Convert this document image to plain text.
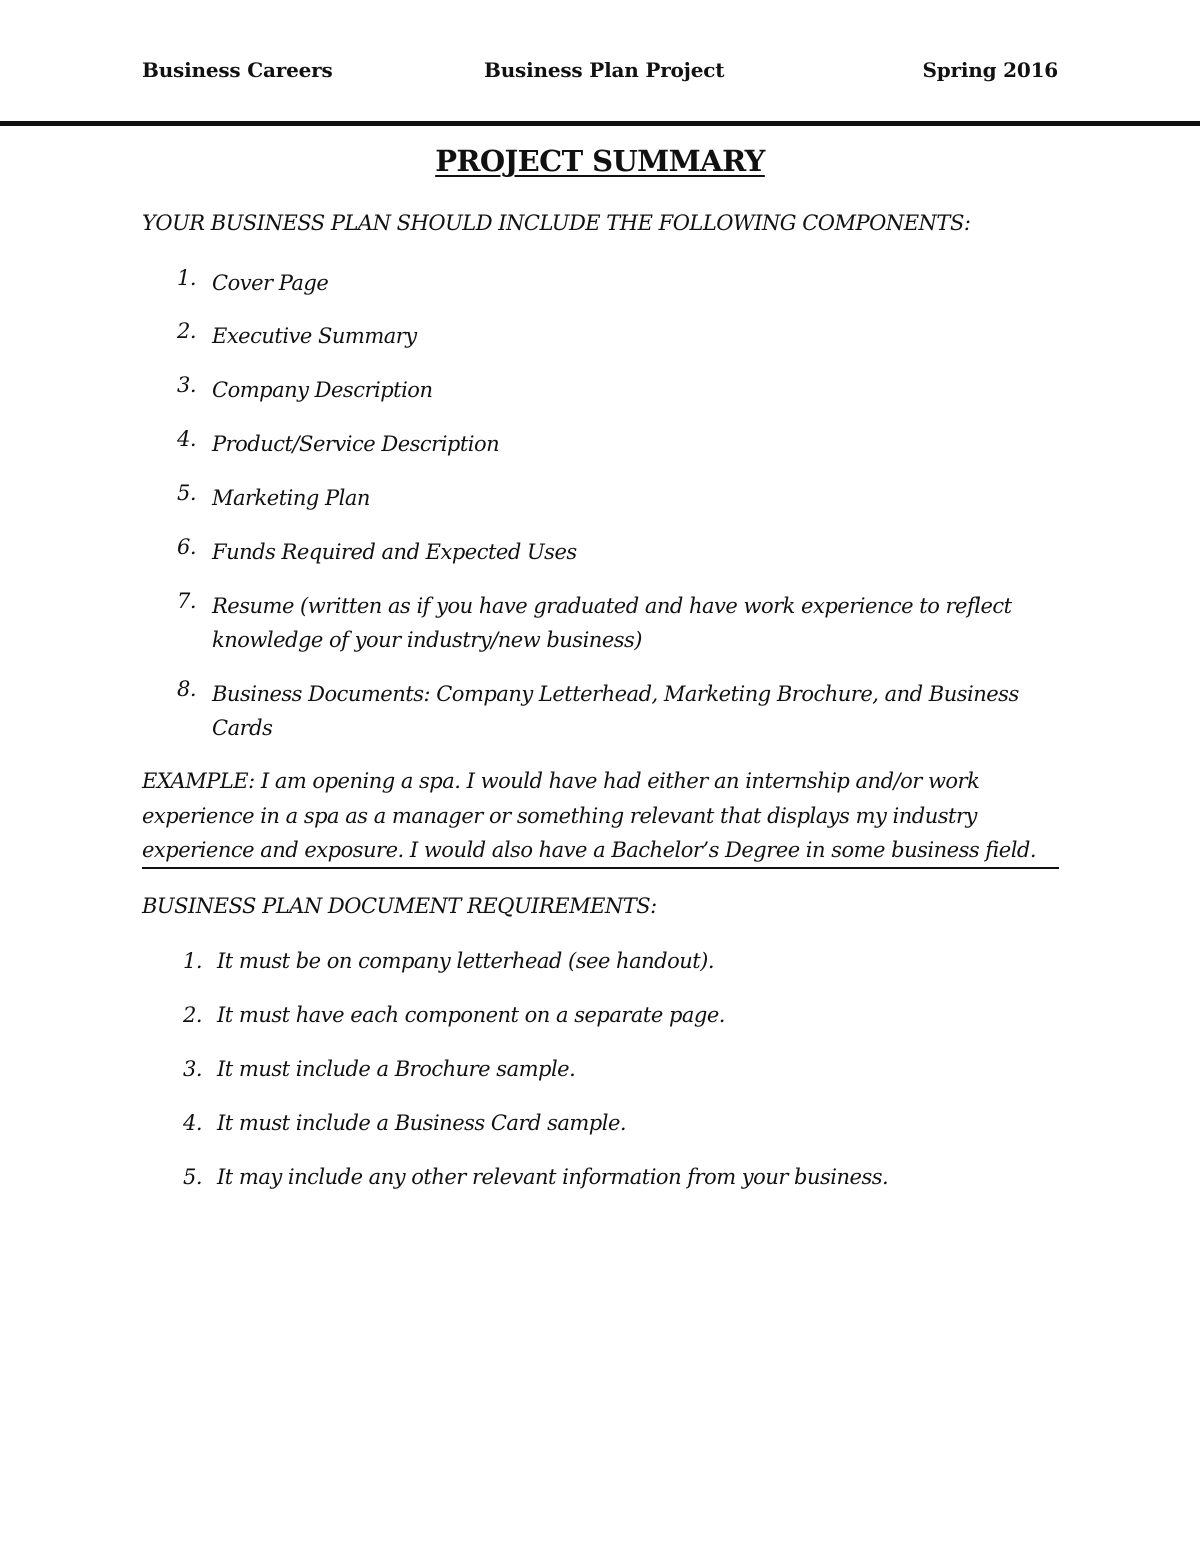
Business Careers	Business Plan Project	Spring 2016
PROJECT SUMMARY
YOUR BUSINESS PLAN SHOULD INCLUDE THE FOLLOWING COMPONENTS:
1. Cover Page
2. Executive Summary
3. Company Description
4. Product/Service Description
5. Marketing Plan
6. Funds Required and Expected Uses
7. Resume (written as if you have graduated and have work experience to reflect
knowledge of your industry/new business)
8. Business Documents: Company Letterhead, Marketing Brochure, and Business
Cards
EXAMPLE: I am opening a spa. I would have had either an internship and/or work
experience in a spa as a manager or something relevant that displays my industry
experience and exposure. I would also have a Bachelor’s Degree in some business field.
BUSINESS PLAN DOCUMENT REQUIREMENTS:
1. It must be on company letterhead (see handout).
2. It must have each component on a separate page.
3. It must include a Brochure sample.
4. It must include a Business Card sample.
5. It may include any other relevant information from your business.
